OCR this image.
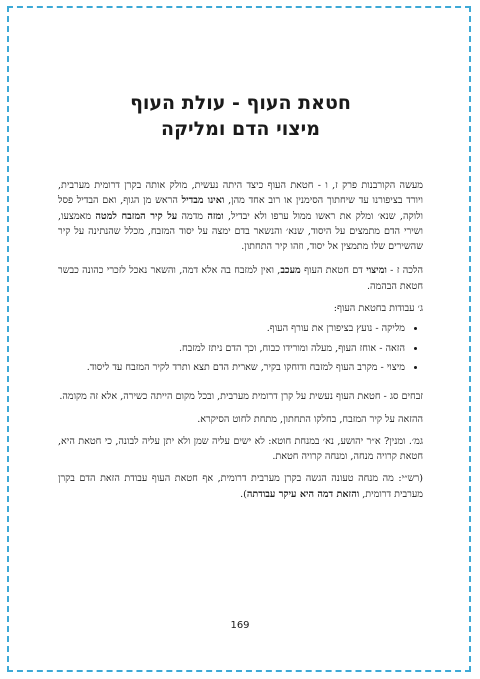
חטאת העוף - עולת העוף
מיצוי הדם ומליקה

מעשה הקורבנות פרק ז, ו - חטאת העוף כיצד היתה נעשית, מולק אותה בקרן דרומית מערבית, ויורד בציפורנו עד שיחתוך הסימנין או רוב אחד מהן, ואינו מבדיל הראש מן הגוף, ואם הבדיל פסל ולוקה, שנא׳ ומלק את ראשו ממול ערפו ולא יבדיל, ומזה מדמה על קיר המזבח למטה מאמצעו, ושירי הדם מתמצים על היסוד, שנא׳ והנשאר בדם ימצה על יסוד המזבח, מכלל שהנתינה על קיר שהשירים שלו מתמצין אל יסוד, וזהו קיר התחתון.

הלכה ז - ומיצוי דם חטאת העוף מעכב, ואין למזבח בה אלא דמה, והשאר נאכל לזכרי כהונה כבשר חטאת הבהמה.

ג׳ עבודות בחטאת העוף:

• מליקה - נועץ בציפורן את עורף העוף.
• הזאה - אוחז העוף, מעלה ומורידו כבוח, וכך הדם ניתז למזבח.
• מיצוי - מקרב העוף למזבח ודוחקו בקיר, שארית הדם תצא ותרד לקיר המזבח עד ליסוד.

זבחים סג - חטאת העוף נעשית על קרן דרומית מערבית, ובכל מקום הייתה כשירה, אלא זה מקומה.

ההזאה על קיר המזבח, בחלקו התחתון, מתחת לחוט הסיקרא.

גמ׳. ומנין? א״ר יהושע, נא׳ במנחת חוטא: לא ישים עליה שמן ולא יתן עליה לבונה, כי חטאת היא, חטאת קרויה מנחה, ומנחה קרויה חטאת.

(רש״י: מה מנחה טעונה הגשה בקרן מערבית דרומית, אף חטאת העוף עבודת הזאת הדם בקרן מערבית דרומית, והזאת דמה היא עיקר עבודתה).

169
